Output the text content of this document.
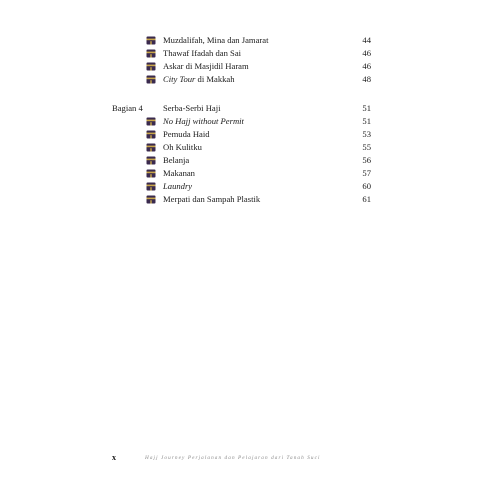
Muzdalifah, Mina dan Jamarat	44
Thawaf Ifadah dan Sai	46
Askar di Masjidil Haram	46
City Tour di Makkah	48
Bagian 4 Serba-Serbi Haji	51
No Hajj without Permit	51
Pemuda Haid	53
Oh Kulitku	55
Belanja	56
Makanan	57
Laundry	60
Merpati dan Sampah Plastik	61
x	Hajj Journey Perjalanan dan Pelajaran dari Tanah Suci
